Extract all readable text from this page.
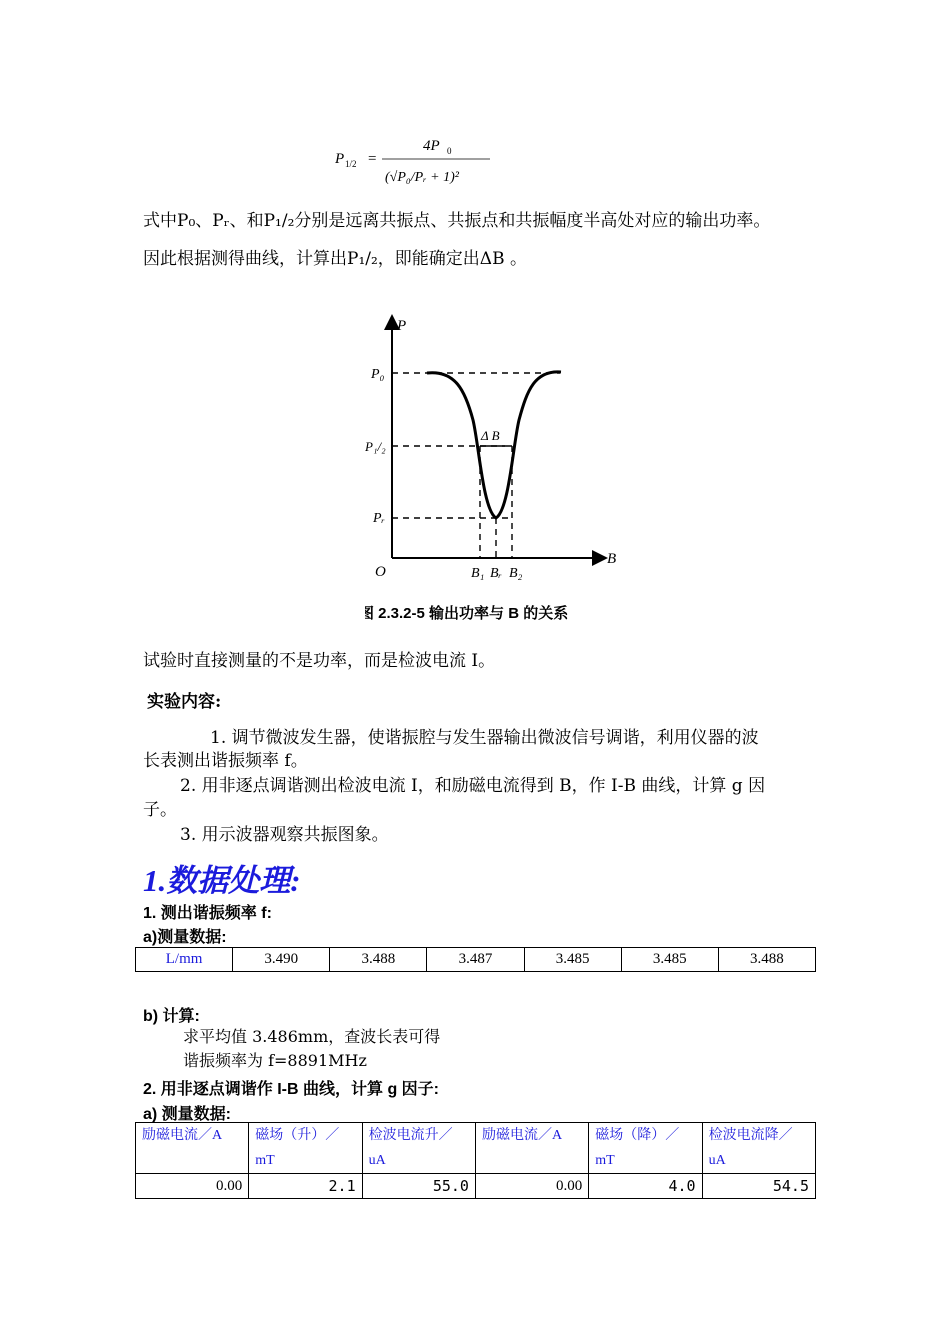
P 1/2 =
4P 0
(√P₀/Pᵣ + 1)²
式中P₀、Pᵣ、和P₁/₂分别是远离共振点、共振点和共振幅度半高处对应的输出功率。
因此根据测得曲线，计算出P₁/₂，即能确定出ΔB 。
P
B
O
P₀
P₁/₂
Pᵣ
Δ B
B₁ Bᵣ B₂
图 2.3.2-5 输出功率与 B 的关系
试验时直接测量的不是功率，而是检波电流 I。
实验内容:
1. 调节微波发生器，使谐振腔与发生器输出微波信号调谐，利用仪器的波
长表测出谐振频率 f。
2. 用非逐点调谐测出检波电流 I，和励磁电流得到 B，作 I-B 曲线，计算 g 因
子。
3. 用示波器观察共振图象。
1.数据处理:
1. 测出谐振频率 f:
a)测量数据:
L/mm	3.490	3.488	3.487	3.485	3.485	3.488
b) 计算:
求平均值 3.486mm，查波长表可得
谐振频率为 f=8891MHz
2. 用非逐点调谐作 I-B 曲线，计算 g 因子:
a) 测量数据:
励磁电流／A	磁场（升）／mT	检波电流升／uA	励磁电流／A	磁场（降）／mT	检波电流降／uA
0.00	2.1	55.0	0.00	4.0	54.5
